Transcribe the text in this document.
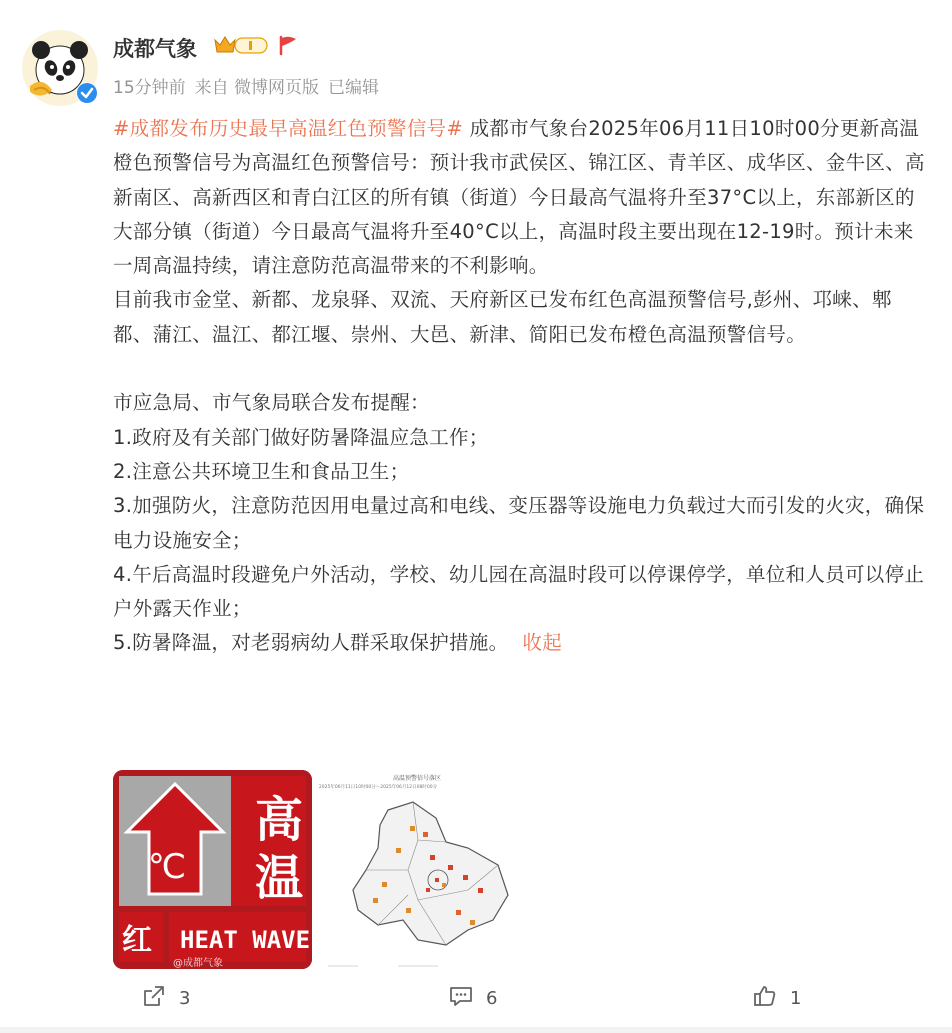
成都气象
15分钟前 来自 微博网页版 已编辑

#成都发布历史最早高温红色预警信号# 成都市气象台2025年06月11日10时00分更新高温橙色预警信号为高温红色预警信号：预计我市武侯区、锦江区、青羊区、成华区、金牛区、高新南区、高新西区和青白江区的所有镇（街道）今日最高气温将升至37°C以上，东部新区的大部分镇（街道）今日最高气温将升至40°C以上，高温时段主要出现在12-19时。预计未来一周高温持续，请注意防范高温带来的不利影响。

目前我市金堂、新都、龙泉驿、双流、天府新区已发布红色高温预警信号,彭州、邛崃、郫都、蒲江、温江、都江堰、崇州、大邑、新津、简阳已发布橙色高温预警信号。

市应急局、市气象局联合发布提醒：

1.政府及有关部门做好防暑降温应急工作；

2.注意公共环境卫生和食品卫生；

3.加强防火，注意防范因用电量过高和电线、变压器等设施电力负载过大而引发的火灾，确保电力设施安全；

4.午后高温时段避免户外活动，学校、幼儿园在高温时段可以停课停学，单位和人员可以停止户外露天作业；

5.防暑降温，对老弱病幼人群采取保护措施。 收起

℃
高
温
红 HEAT WAVE
@成都气象
高温预警信号落区
2025年06月11日10时00分～2025年06月12日08时00分
3	6	1
